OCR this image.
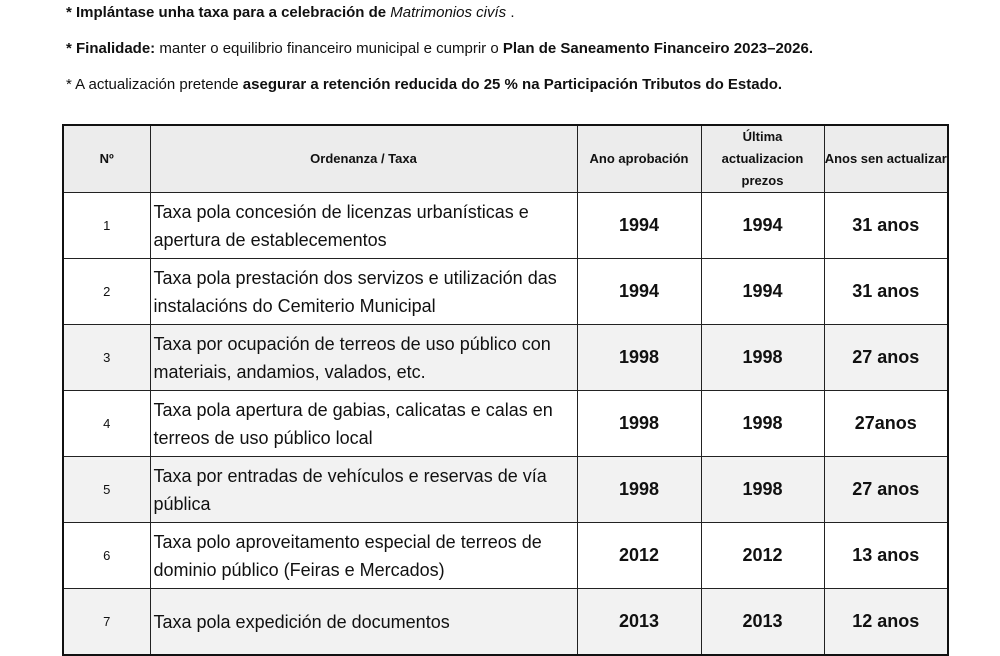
* Implántase unha taxa para a celebración de Matrimonios civís .
* Finalidade: manter o equilibrio financeiro municipal e cumprir o Plan de Saneamento Financeiro 2023–2026.
* A actualización pretende asegurar a retención reducida do 25 % na Participación Tributos do Estado.
Nº	Ordenanza / Taxa	Ano aprobación	Última actualizacion prezos	Anos sen actualizar
1	Taxa pola concesión de licenzas urbanísticas e apertura de establecementos	1994	1994	31 anos
2	Taxa pola prestación dos servizos e utilización das instalacións do Cemiterio Municipal	1994	1994	31 anos
3	Taxa por ocupación de terreos de uso público con materiais, andamios, valados, etc.	1998	1998	27 anos
4	Taxa pola apertura de gabias, calicatas e calas en terreos de uso público local	1998	1998	27anos
5	Taxa por entradas de vehículos e reservas de vía pública	1998	1998	27 anos
6	Taxa polo aproveitamento especial de terreos de dominio público (Feiras e Mercados)	2012	2012	13 anos
7	Taxa pola expedición de documentos	2013	2013	12 anos
